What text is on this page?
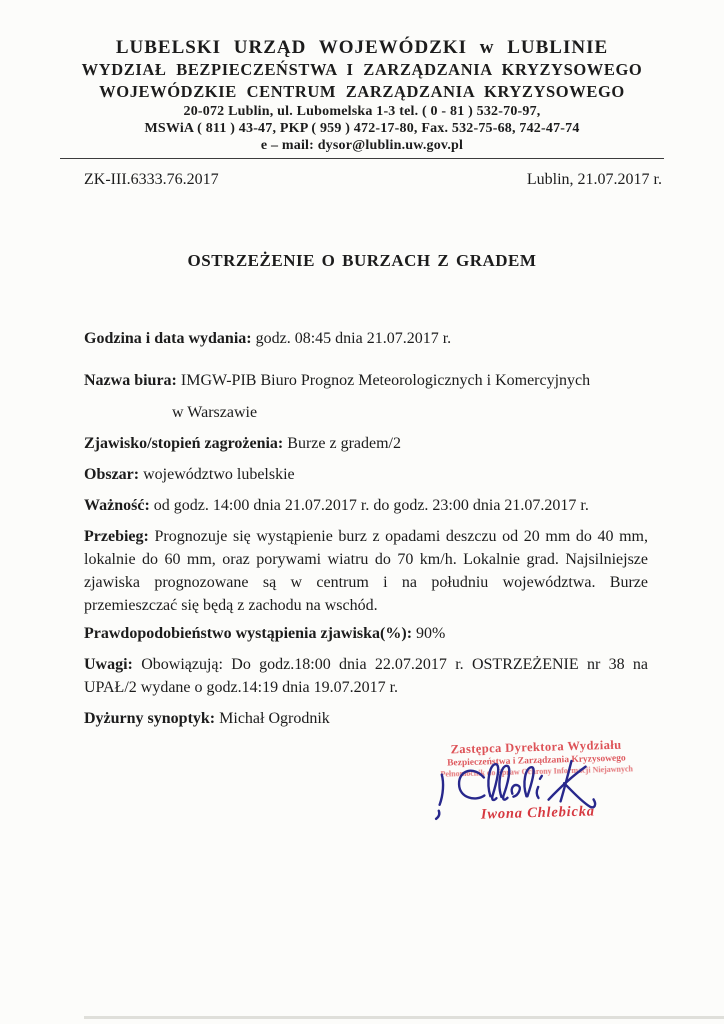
LUBELSKI URZĄD WOJEWÓDZKI w LUBLINIE
WYDZIAŁ BEZPIECZEŃSTWA I ZARZĄDZANIA KRYZYSOWEGO
WOJEWÓDZKIE CENTRUM ZARZĄDZANIA KRYZYSOWEGO
20-072 Lublin, ul. Lubomelska 1-3 tel. ( 0 - 81 ) 532-70-97,
MSWiA ( 811 ) 43-47, PKP ( 959 ) 472-17-80, Fax. 532-75-68, 742-47-74
e – mail: dysor@lublin.uw.gov.pl
ZK-III.6333.76.2017	Lublin, 21.07.2017 r.
OSTRZEŻENIE O BURZACH Z GRADEM

Godzina i data wydania: godz. 08:45 dnia 21.07.2017 r.

Nazwa biura: IMGW-PIB Biuro Prognoz Meteorologicznych i Komercyjnych
w Warszawie

Zjawisko/stopień zagrożenia: Burze z gradem/2

Obszar: województwo lubelskie

Ważność: od godz. 14:00 dnia 21.07.2017 r. do godz. 23:00 dnia 21.07.2017 r.

Przebieg: Prognozuje się wystąpienie burz z opadami deszczu od 20 mm do 40 mm, lokalnie do 60 mm, oraz porywami wiatru do 70 km/h. Lokalnie grad. Najsilniejsze zjawiska prognozowane są w centrum i na południu województwa. Burze przemieszczać się będą z zachodu na wschód.

Prawdopodobieństwo wystąpienia zjawiska(%): 90%

Uwagi: Obowiązują: Do godz.18:00 dnia 22.07.2017 r. OSTRZEŻENIE nr 38 na UPAŁ/2 wydane o godz.14:19 dnia 19.07.2017 r.

Dyżurny synoptyk: Michał Ogrodnik

Zastępca Dyrektora Wydziału
Bezpieczeństwa i Zarządzania Kryzysowego
Pełnomocnik do Spraw Ochrony Informacji Niejawnych
Iwona Chlebicka
